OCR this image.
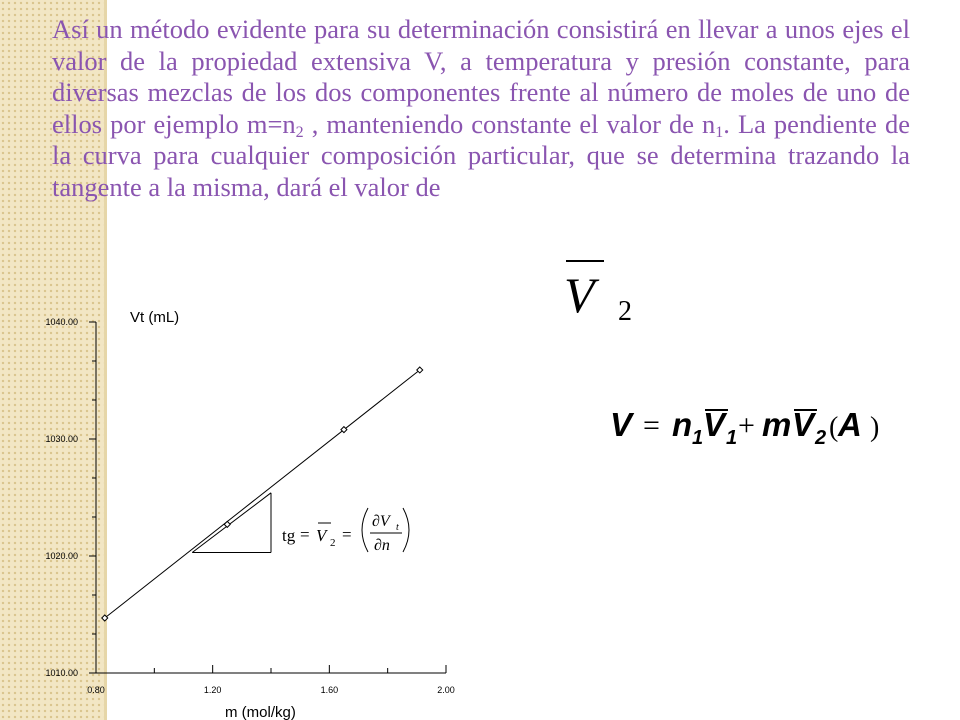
Así un método evidente para su determinación consistirá en llevar a unos ejes el valor de la propiedad extensiva V, a temperatura y presión constante, para diversas mezclas de los dos componentes frente al número de moles de uno de ellos por ejemplo $m=n_2$ , manteniendo constante el valor de $n_1$. La pendiente de la curva para cualquier composición particular, que se determina trazando la tangente a la misma, dará el valor de

V 2
V = n 1 V 1 + m V 2 ( A )
0.80	1.20	1.60	2.00
1010.00
1020.00
1030.00
1040.00	Vt (mL)
m (mol/kg)
tg = V 2 =
∂V t
∂n
